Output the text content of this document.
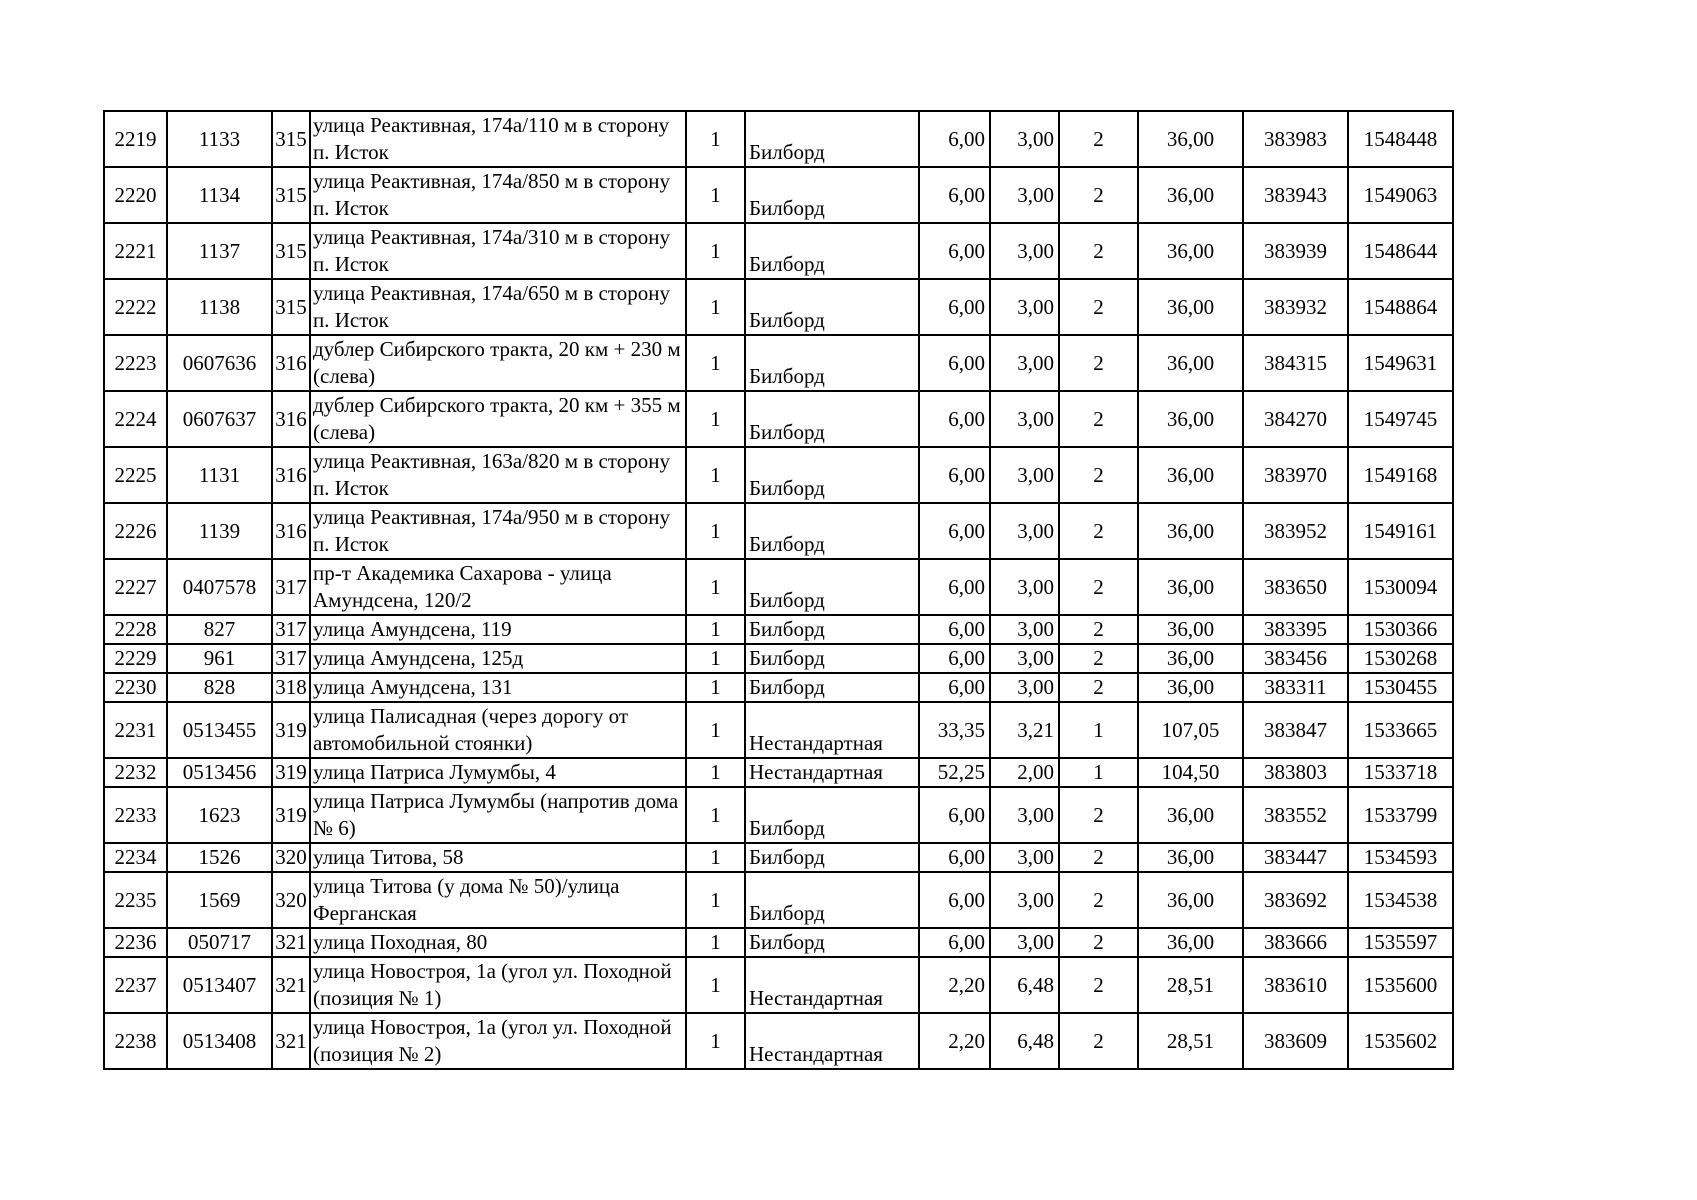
2219	1133	315	улица Реактивная, 174а/110 м в сторону п. Исток	1	Билборд	6,00	3,00	2	36,00	383983	1548448
2220	1134	315	улица Реактивная, 174а/850 м в сторону п. Исток	1	Билборд	6,00	3,00	2	36,00	383943	1549063
2221	1137	315	улица Реактивная, 174а/310 м в сторону п. Исток	1	Билборд	6,00	3,00	2	36,00	383939	1548644
2222	1138	315	улица Реактивная, 174а/650 м в сторону п. Исток	1	Билборд	6,00	3,00	2	36,00	383932	1548864
2223	0607636	316	дублер Сибирского тракта, 20 км + 230 м (слева)	1	Билборд	6,00	3,00	2	36,00	384315	1549631
2224	0607637	316	дублер Сибирского тракта, 20 км + 355 м (слева)	1	Билборд	6,00	3,00	2	36,00	384270	1549745
2225	1131	316	улица Реактивная, 163а/820 м в сторону п. Исток	1	Билборд	6,00	3,00	2	36,00	383970	1549168
2226	1139	316	улица Реактивная, 174а/950 м в сторону п. Исток	1	Билборд	6,00	3,00	2	36,00	383952	1549161
2227	0407578	317	пр-т Академика Сахарова - улица Амундсена, 120/2	1	Билборд	6,00	3,00	2	36,00	383650	1530094
2228	827	317	улица Амундсена, 119	1	Билборд	6,00	3,00	2	36,00	383395	1530366
2229	961	317	улица Амундсена, 125д	1	Билборд	6,00	3,00	2	36,00	383456	1530268
2230	828	318	улица Амундсена, 131	1	Билборд	6,00	3,00	2	36,00	383311	1530455
2231	0513455	319	улица Палисадная (через дорогу от автомобильной стоянки)	1	Нестандартная	33,35	3,21	1	107,05	383847	1533665
2232	0513456	319	улица Патриса Лумумбы, 4	1	Нестандартная	52,25	2,00	1	104,50	383803	1533718
2233	1623	319	улица Патриса Лумумбы (напротив дома № 6)	1	Билборд	6,00	3,00	2	36,00	383552	1533799
2234	1526	320	улица Титова, 58	1	Билборд	6,00	3,00	2	36,00	383447	1534593
2235	1569	320	улица Титова (у дома № 50)/улица Ферганская	1	Билборд	6,00	3,00	2	36,00	383692	1534538
2236	050717	321	улица Походная, 80	1	Билборд	6,00	3,00	2	36,00	383666	1535597
2237	0513407	321	улица Новостроя, 1а (угол ул. Походной (позиция № 1)	1	Нестандартная	2,20	6,48	2	28,51	383610	1535600
2238	0513408	321	улица Новостроя, 1а (угол ул. Походной (позиция № 2)	1	Нестандартная	2,20	6,48	2	28,51	383609	1535602
